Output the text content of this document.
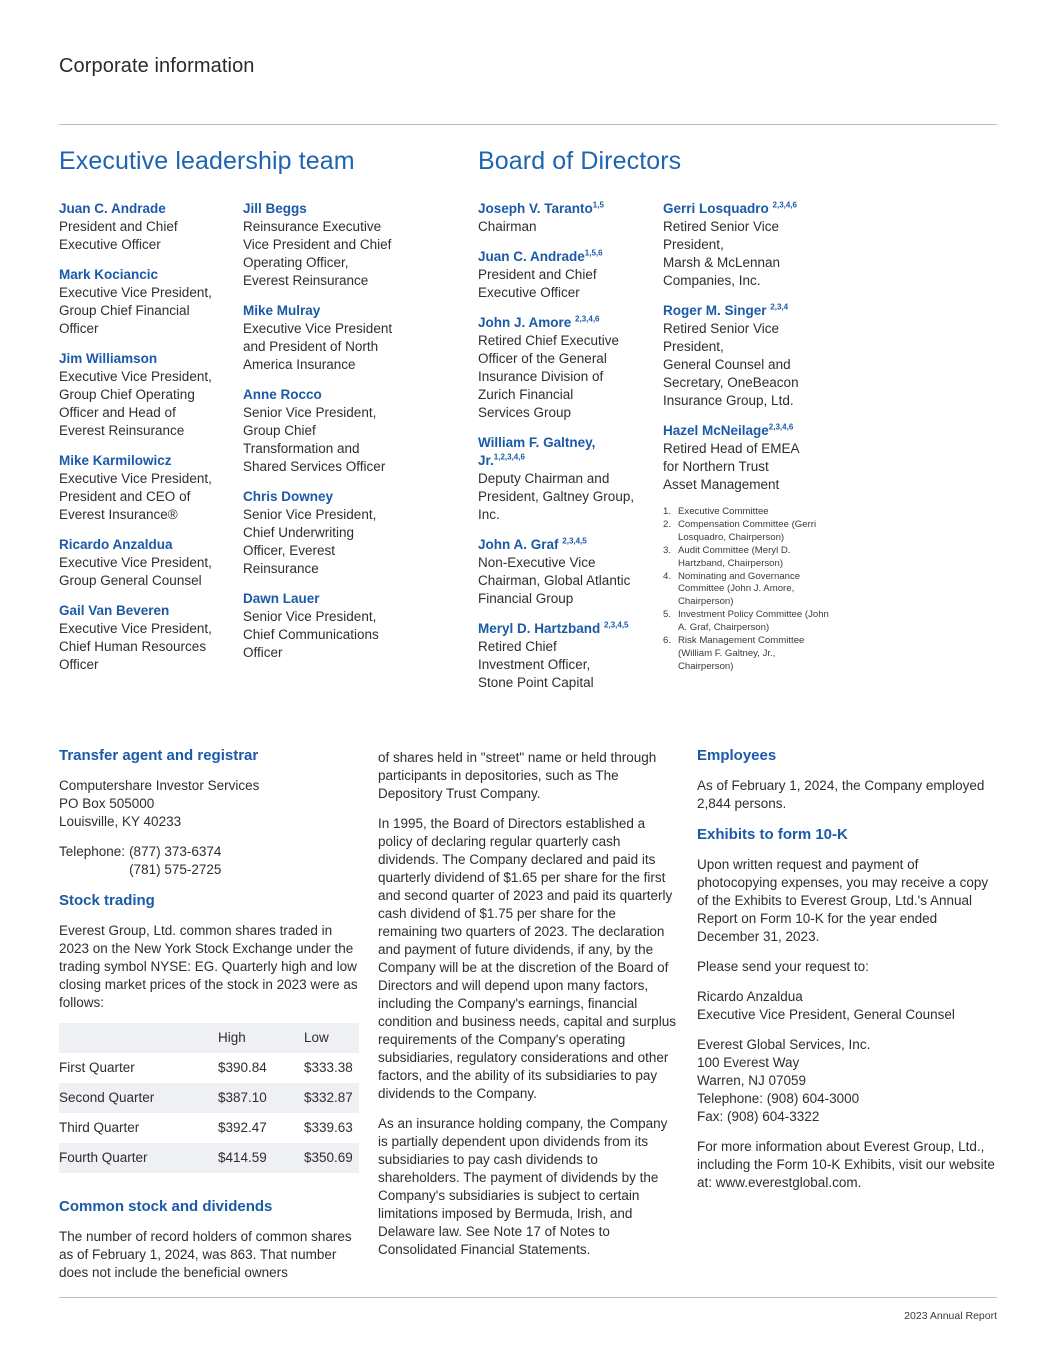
Corporate information
Executive leadership team
Juan C. Andrade
President and Chief
Executive Officer
Mark Kociancic
Executive Vice President,
Group Chief Financial
Officer
Jim Williamson
Executive Vice President,
Group Chief Operating
Officer and Head of
Everest Reinsurance
Mike Karmilowicz
Executive Vice President,
President and CEO of
Everest Insurance®
Ricardo Anzaldua
Executive Vice President,
Group General Counsel
Gail Van Beveren
Executive Vice President,
Chief Human Resources
Officer
Jill Beggs
Reinsurance Executive
Vice President and Chief
Operating Officer,
Everest Reinsurance
Mike Mulray
Executive Vice President
and President of North
America Insurance
Anne Rocco
Senior Vice President,
Group Chief
Transformation and
Shared Services Officer
Chris Downey
Senior Vice President,
Chief Underwriting
Officer, Everest
Reinsurance
Dawn Lauer
Senior Vice President,
Chief Communications
Officer
Board of Directors
Joseph V. Taranto$^{1,5}$
Chairman
Juan C. Andrade$^{1,5,6}$
President and Chief
Executive Officer
John J. Amore $^{2,3,4,6}$
Retired Chief Executive
Officer of the General
Insurance Division of
Zurich Financial
Services Group
William F. Galtney,
Jr.$^{1,2,3,4,6}$
Deputy Chairman and
President, Galtney Group,
Inc.
John A. Graf $^{2,3,4,5}$
Non-Executive Vice
Chairman, Global Atlantic
Financial Group
Meryl D. Hartzband $^{2,3,4,5}$
Retired Chief
Investment Officer,
Stone Point Capital
Gerri Losquadro $^{2,3,4,6}$
Retired Senior Vice
President,
Marsh & McLennan
Companies, Inc.
Roger M. Singer $^{2,3,4}$
Retired Senior Vice
President,
General Counsel and
Secretary, OneBeacon
Insurance Group, Ltd.
Hazel McNeilage$^{2,3,4,6}$
Retired Head of EMEA
for Northern Trust
Asset Management
1. Executive Committee
2. Compensation Committee (Gerri Losquadro, Chairperson)
3. Audit Committee (Meryl D. Hartzband, Chairperson)
4. Nominating and Governance Committee (John J. Amore, Chairperson)
5. Investment Policy Committee (John A. Graf, Chairperson)
6. Risk Management Committee (William F. Galtney, Jr., Chairperson)
Transfer agent and registrar

Computershare Investor Services
PO Box 505000
Louisville, KY 40233

Telephone: (877) 373-6374
(781) 575-2725
Stock trading

Everest Group, Ltd. common shares traded in 2023 on the New York Stock Exchange under the trading symbol NYSE: EG. Quarterly high and low closing market prices of the stock in 2023 were as follows:

	High	Low
First Quarter	$390.84	$333.38
Second Quarter	$387.10	$332.87
Third Quarter	$392.47	$339.63
Fourth Quarter	$414.59	$350.69
Common stock and dividends

The number of record holders of common shares as of February 1, 2024, was 863. That number does not include the beneficial owners

of shares held in "street" name or held through participants in depositories, such as The Depository Trust Company.

In 1995, the Board of Directors established a policy of declaring regular quarterly cash dividends. The Company declared and paid its quarterly dividend of $1.65 per share for the first and second quarter of 2023 and paid its quarterly cash dividend of $1.75 per share for the remaining two quarters of 2023. The declaration and payment of future dividends, if any, by the Company will be at the discretion of the Board of Directors and will depend upon many factors, including the Company's earnings, financial condition and business needs, capital and surplus requirements of the Company's operating subsidiaries, regulatory considerations and other factors, and the ability of its subsidiaries to pay dividends to the Company.

As an insurance holding company, the Company is partially dependent upon dividends from its subsidiaries to pay cash dividends to shareholders. The payment of dividends by the Company's subsidiaries is subject to certain limitations imposed by Bermuda, Irish, and Delaware law. See Note 17 of Notes to Consolidated Financial Statements.

Employees

As of February 1, 2024, the Company employed 2,844 persons.

Exhibits to form 10-K

Upon written request and payment of photocopying expenses, you may receive a copy of the Exhibits to Everest Group, Ltd.'s Annual Report on Form 10-K for the year ended December 31, 2023.

Please send your request to:

Ricardo Anzaldua
Executive Vice President, General Counsel

Everest Global Services, Inc.
100 Everest Way
Warren, NJ 07059
Telephone: (908) 604-3000
Fax: (908) 604-3322

For more information about Everest Group, Ltd., including the Form 10-K Exhibits, visit our website at: www.everestglobal.com.

2023 Annual Report
